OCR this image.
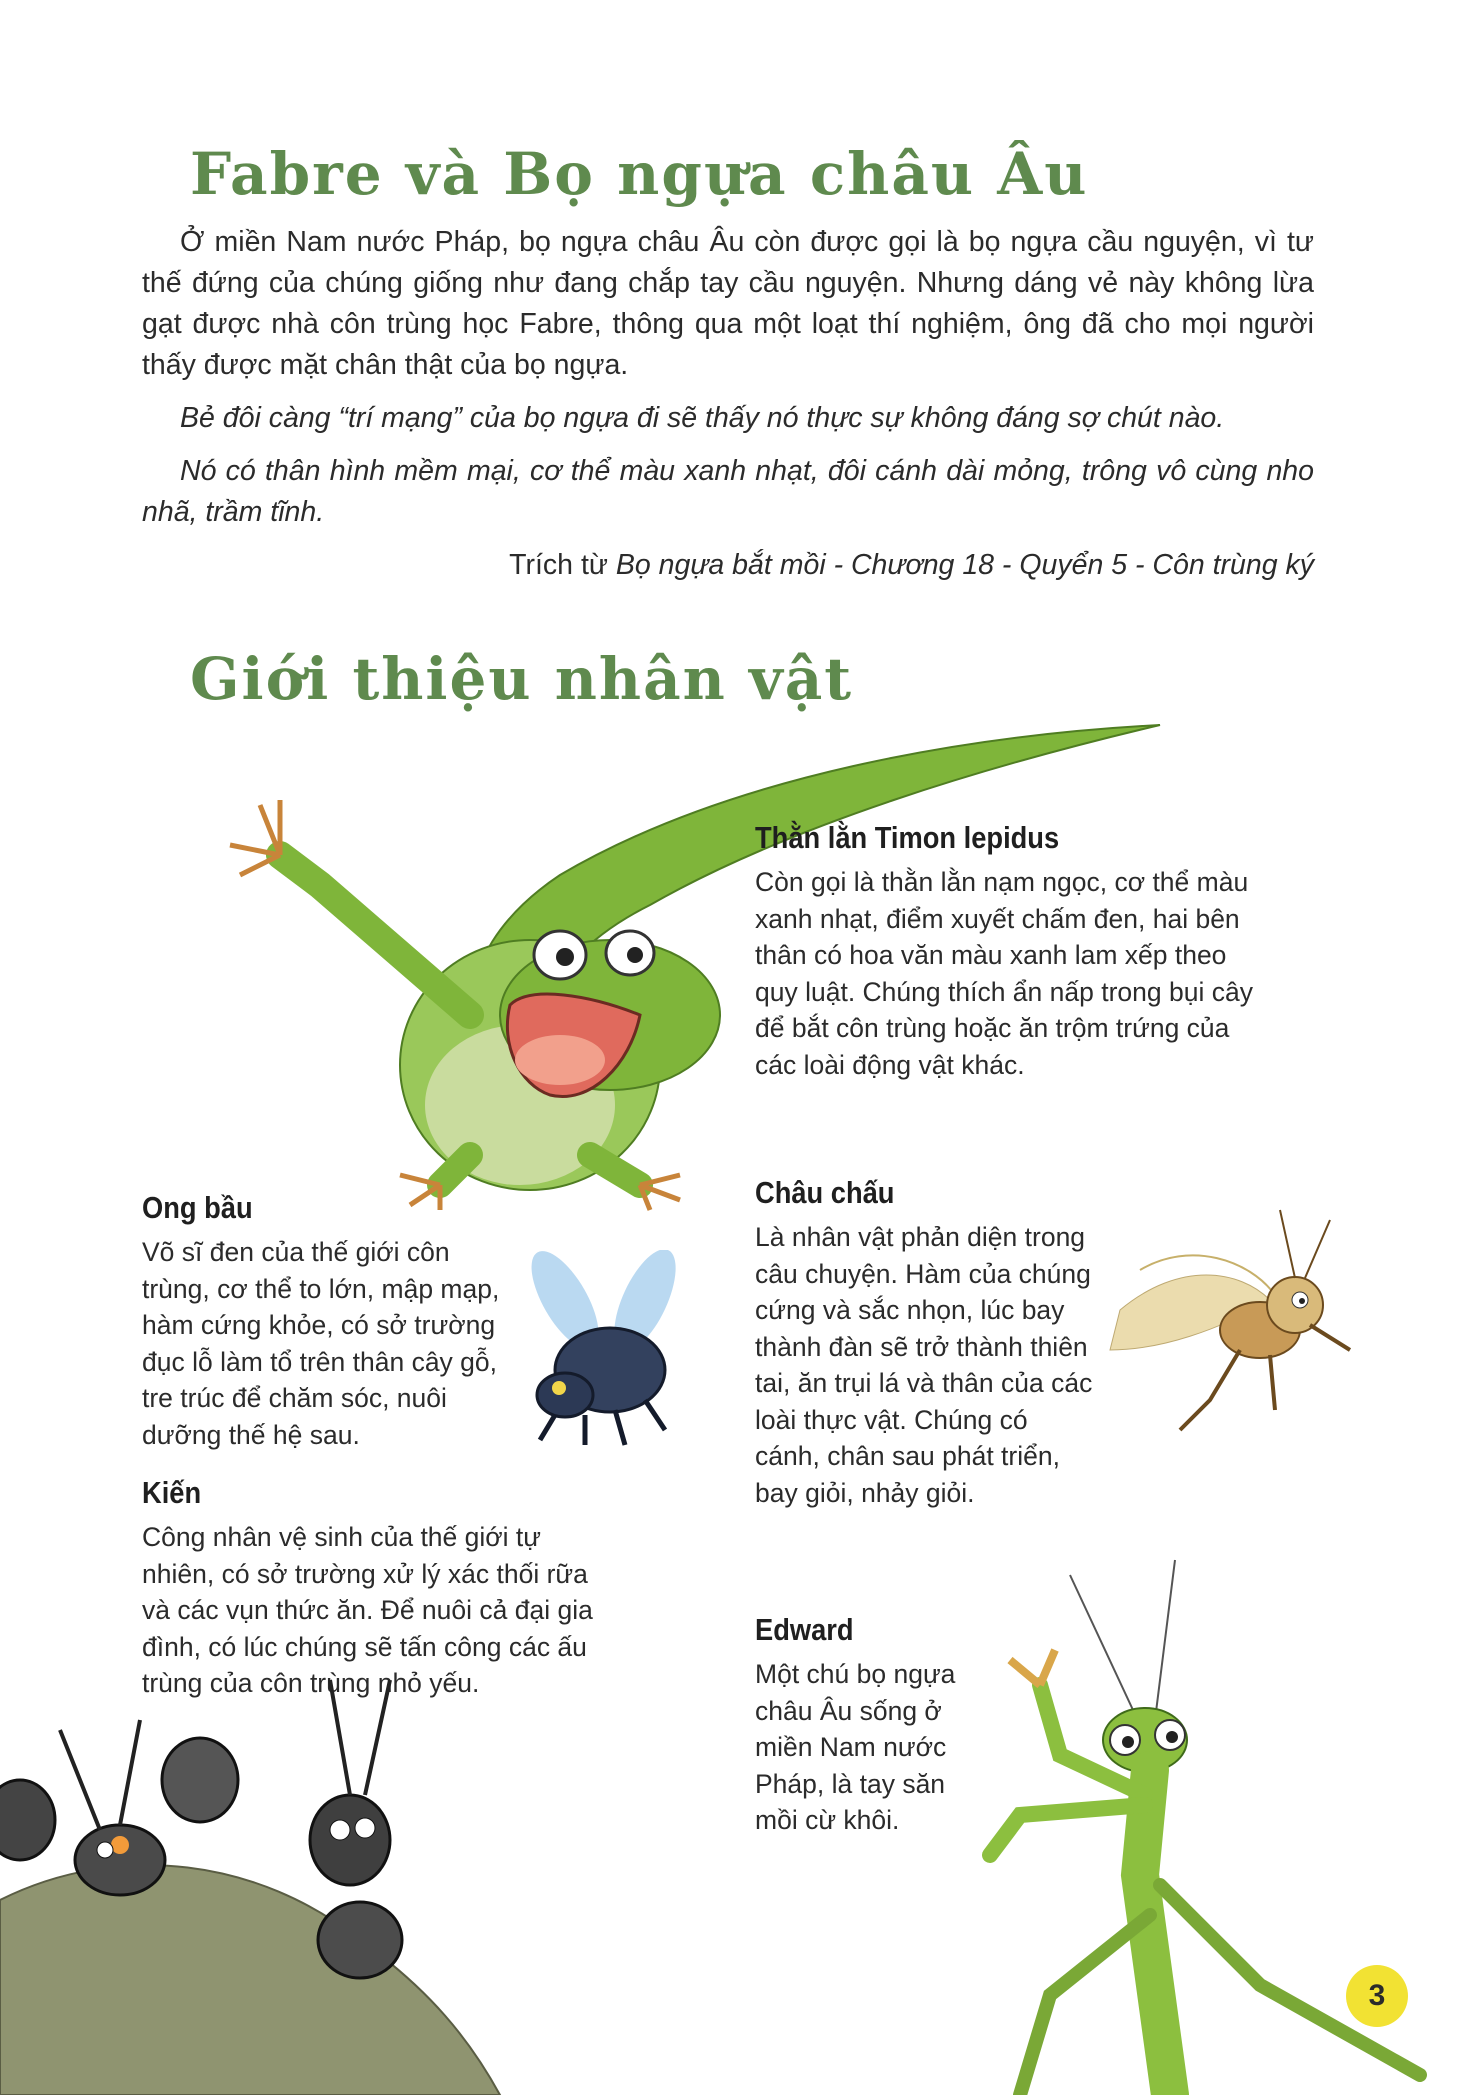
Fabre và Bọ ngựa châu Âu

Ở miền Nam nước Pháp, bọ ngựa châu Âu còn được gọi là bọ ngựa cầu nguyện, vì tư thế đứng của chúng giống như đang chắp tay cầu nguyện. Nhưng dáng vẻ này không lừa gạt được nhà côn trùng học Fabre, thông qua một loạt thí nghiệm, ông đã cho mọi người thấy được mặt chân thật của bọ ngựa.

Bẻ đôi càng “trí mạng” của bọ ngựa đi sẽ thấy nó thực sự không đáng sợ chút nào.

Nó có thân hình mềm mại, cơ thể màu xanh nhạt, đôi cánh dài mỏng, trông vô cùng nho nhã, trầm tĩnh.

Trích từ Bọ ngựa bắt mồi - Chương 18 - Quyển 5 - Côn trùng ký
Giới thiệu nhân vật
Thằn lằn Timon lepidus
Còn gọi là thằn lằn nạm ngọc, cơ thể màu xanh nhạt, điểm xuyết chấm đen, hai bên thân có hoa văn màu xanh lam xếp theo quy luật. Chúng thích ẩn nấp trong bụi cây để bắt côn trùng hoặc ăn trộm trứng của các loài động vật khác.
Ong bầu
Võ sĩ đen của thế giới côn trùng, cơ thể to lớn, mập mạp, hàm cứng khỏe, có sở trường đục lỗ làm tổ trên thân cây gỗ, tre trúc để chăm sóc, nuôi dưỡng thế hệ sau.
Kiến
Công nhân vệ sinh của thế giới tự nhiên, có sở trường xử lý xác thối rữa và các vụn thức ăn. Để nuôi cả đại gia đình, có lúc chúng sẽ tấn công các ấu trùng của côn trùng nhỏ yếu.
Châu chấu
Là nhân vật phản diện trong câu chuyện. Hàm của chúng cứng và sắc nhọn, lúc bay thành đàn sẽ trở thành thiên tai, ăn trụi lá và thân của các loài thực vật. Chúng có cánh, chân sau phát triển, bay giỏi, nhảy giỏi.
Edward
Một chú bọ ngựa châu Âu sống ở miền Nam nước Pháp, là tay săn mồi cừ khôi.
3
